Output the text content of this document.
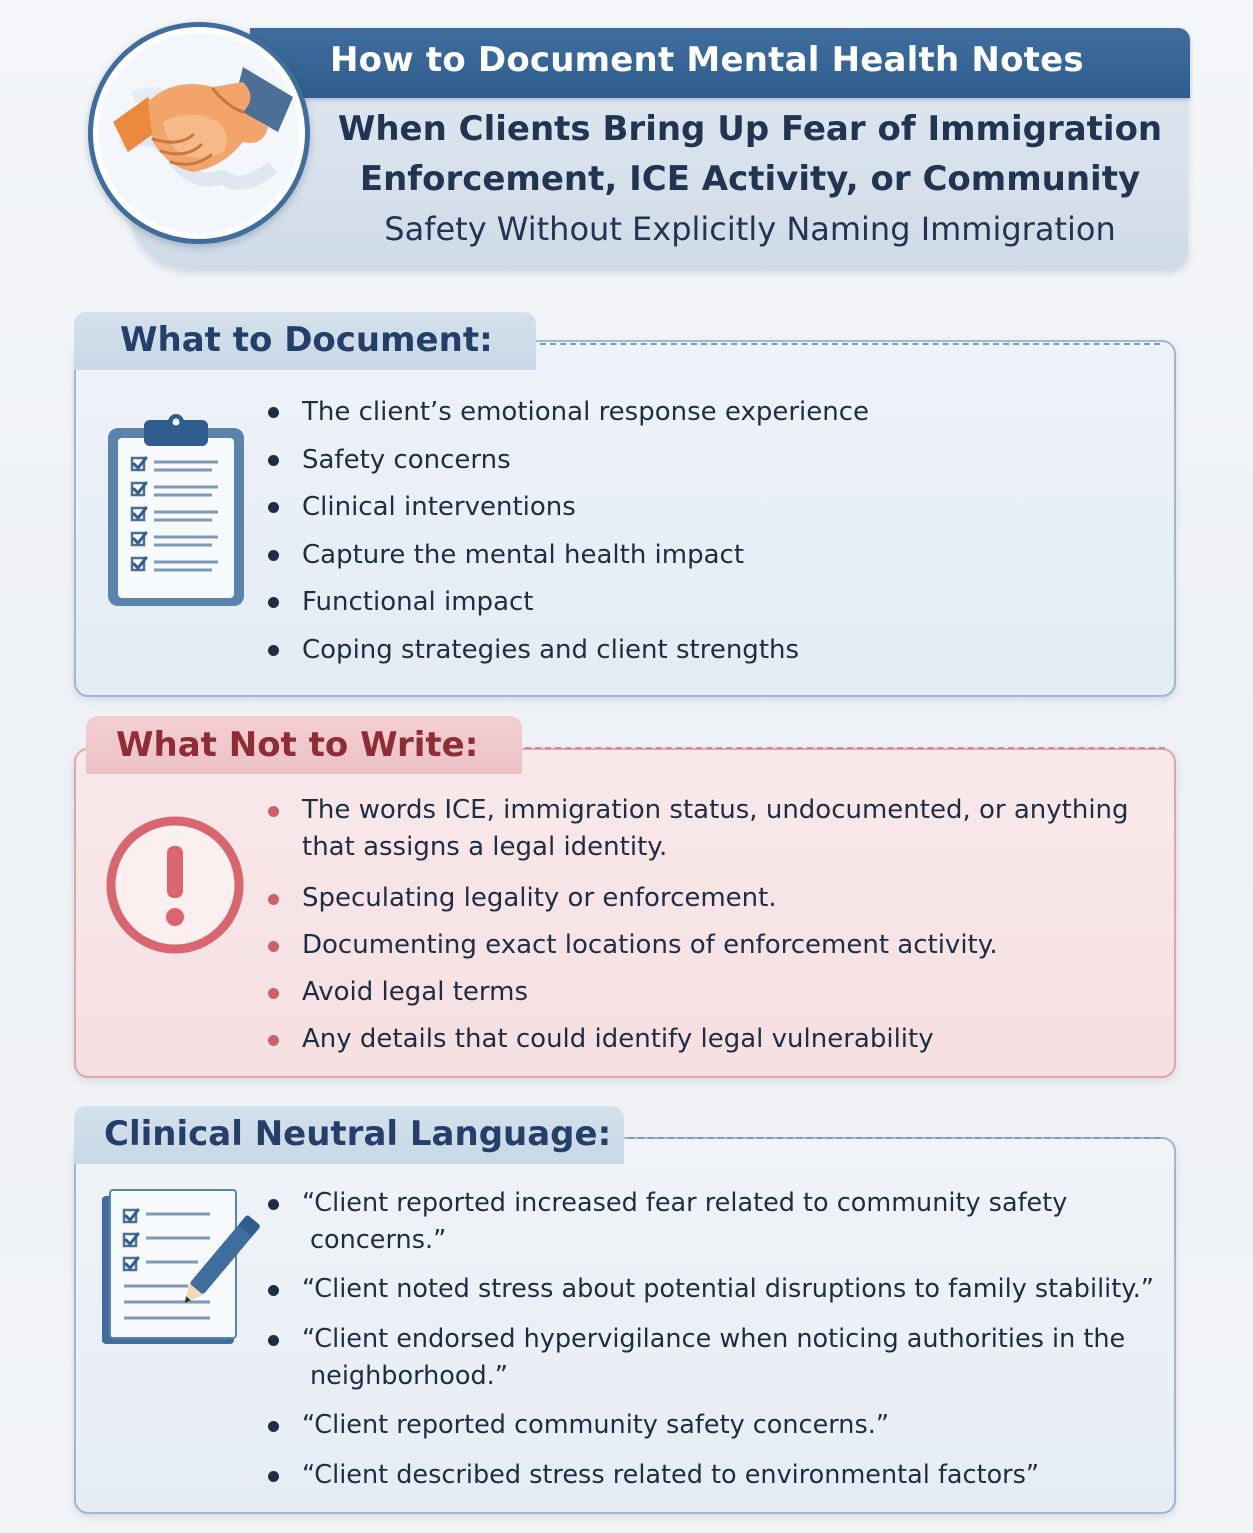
How to Document Mental Health Notes
When Clients Bring Up Fear of Immigration
Enforcement, ICE Activity, or Community
Safety Without Explicitly Naming Immigration
What to Document:
The client’s emotional response experience
Safety concerns
Clinical interventions
Capture the mental health impact
Functional impact
Coping strategies and client strengths
What Not to Write:
The words ICE, immigration status, undocumented, or anything
that assigns a legal identity.
Speculating legality or enforcement.
Documenting exact locations of enforcement activity.
Avoid legal terms
Any details that could identify legal vulnerability
Clinical Neutral Language:
“Client reported increased fear related to community safety
concerns.”
“Client noted stress about potential disruptions to family stability.”
“Client endorsed hypervigilance when noticing authorities in the
neighborhood.”
“Client reported community safety concerns.”
“Client described stress related to environmental factors”
